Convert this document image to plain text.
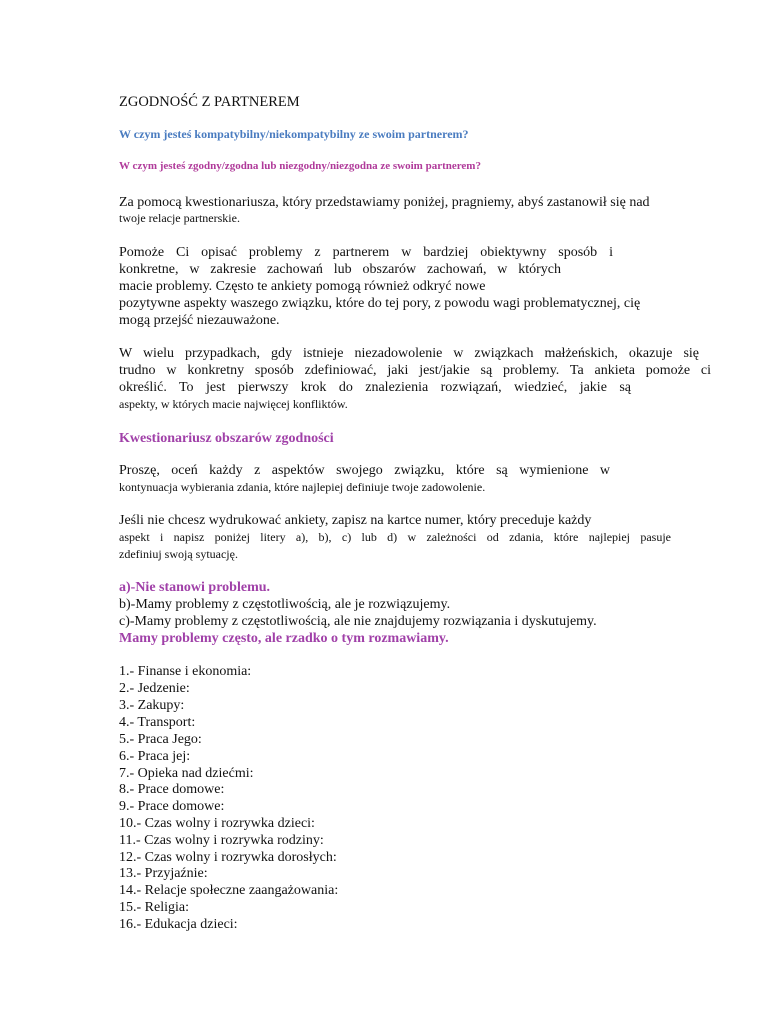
ZGODNOŚĆ Z PARTNEREM
W czym jesteś kompatybilny/niekompatybilny ze swoim partnerem?
W czym jesteś zgodny/zgodna lub niezgodny/niezgodna ze swoim partnerem?
Za pomocą kwestionariusza, który przedstawiamy poniżej, pragniemy, abyś zastanowił się nad
twoje relacje partnerskie.
Pomoże Ci opisać problemy z partnerem w bardziej obiektywny sposób i
konkretne, w zakresie zachowań lub obszarów zachowań, w których
macie problemy. Często te ankiety pomogą również odkryć nowe
pozytywne aspekty waszego związku, które do tej pory, z powodu wagi problematycznej, cię
mogą przejść niezauważone.
W wielu przypadkach, gdy istnieje niezadowolenie w związkach małżeńskich, okazuje się
trudno w konkretny sposób zdefiniować, jaki jest/jakie są problemy. Ta ankieta pomoże ci
określić. To jest pierwszy krok do znalezienia rozwiązań, wiedzieć, jakie są
aspekty, w których macie najwięcej konfliktów.
Kwestionariusz obszarów zgodności
Proszę, oceń każdy z aspektów swojego związku, które są wymienione w
kontynuacja wybierania zdania, które najlepiej definiuje twoje zadowolenie.
Jeśli nie chcesz wydrukować ankiety, zapisz na kartce numer, który preceduje każdy
aspekt i napisz poniżej litery a), b), c) lub d) w zależności od zdania, które najlepiej pasuje
zdefiniuj swoją sytuację.
a)-Nie stanowi problemu.
b)-Mamy problemy z częstotliwością, ale je rozwiązujemy.
c)-Mamy problemy z częstotliwością, ale nie znajdujemy rozwiązania i dyskutujemy.
Mamy problemy często, ale rzadko o tym rozmawiamy.
1.- Finanse i ekonomia:
2.- Jedzenie:
3.- Zakupy:
4.- Transport:
5.- Praca Jego:
6.- Praca jej:
7.- Opieka nad dziećmi:
8.- Prace domowe:
9.- Prace domowe:
10.- Czas wolny i rozrywka dzieci:
11.- Czas wolny i rozrywka rodziny:
12.- Czas wolny i rozrywka dorosłych:
13.- Przyjaźnie:
14.- Relacje społeczne zaangażowania:
15.- Religia:
16.- Edukacja dzieci:
